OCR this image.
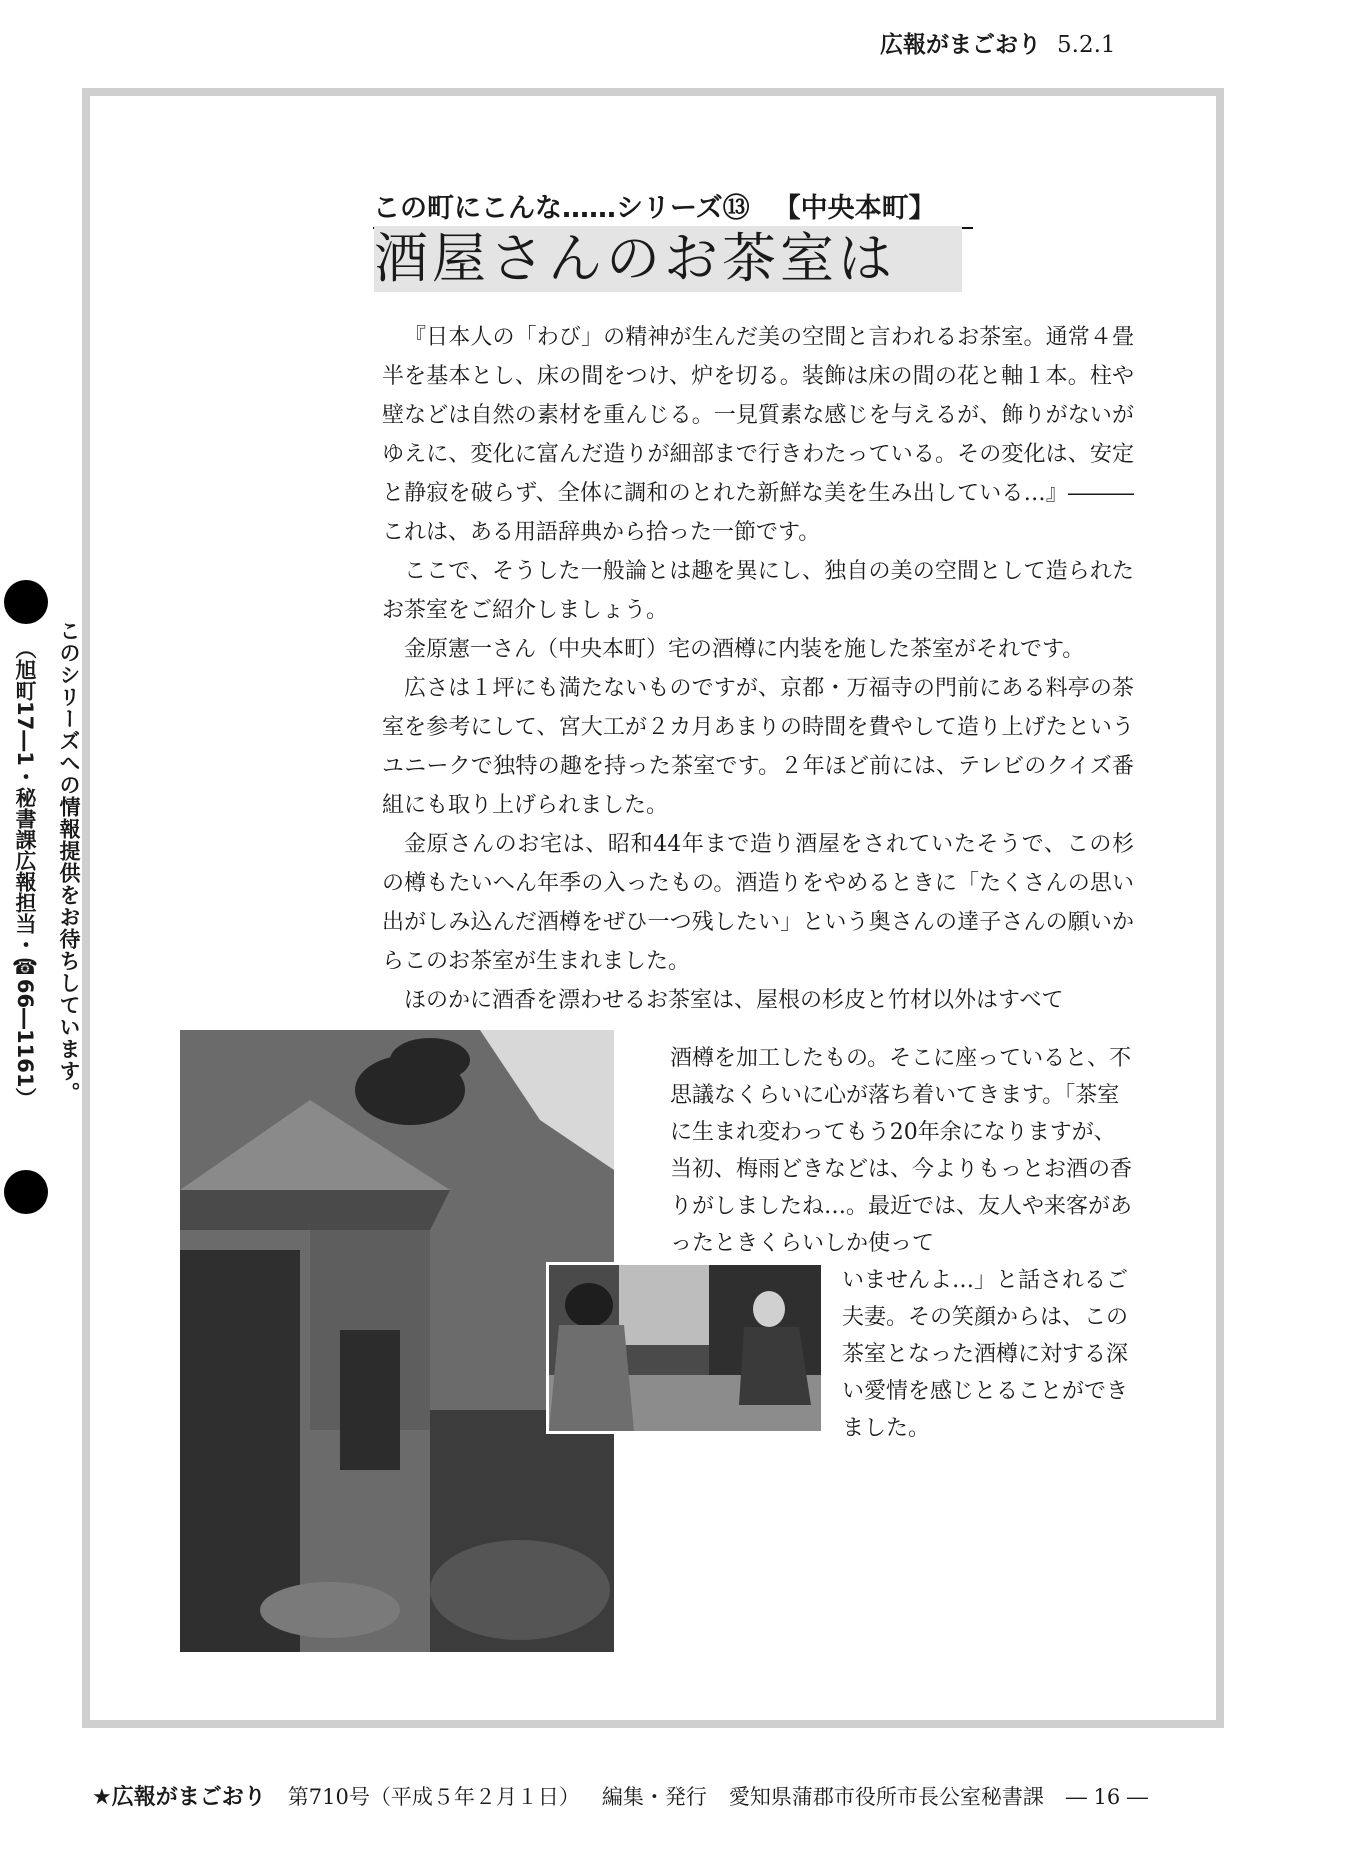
広報がまごおり 5.2.1
この町にこんな……シリーズ⑬ 【中央本町】
酒屋さんのお茶室は

『日本人の「わび」の精神が生んだ美の空間と言われるお茶室。通常４畳半を基本とし、床の間をつけ、炉を切る。装飾は床の間の花と軸１本。柱や壁などは自然の素材を重んじる。一見質素な感じを与えるが、飾りがないがゆえに、変化に富んだ造りが細部まで行きわたっている。その変化は、安定と静寂を破らず、全体に調和のとれた新鮮な美を生み出している…』―――これは、ある用語辞典から拾った一節です。

ここで、そうした一般論とは趣を異にし、独自の美の空間として造られたお茶室をご紹介しましょう。

金原憲一さん（中央本町）宅の酒樽に内装を施した茶室がそれです。

広さは１坪にも満たないものですが、京都・万福寺の門前にある料亭の茶室を参考にして、宮大工が２カ月あまりの時間を費やして造り上げたというユニークで独特の趣を持った茶室です。２年ほど前には、テレビのクイズ番組にも取り上げられました。

金原さんのお宅は、昭和44年まで造り酒屋をされていたそうで、この杉の樽もたいへん年季の入ったもの。酒造りをやめるときに「たくさんの思い出がしみ込んだ酒樽をぜひ一つ残したい」という奥さんの達子さんの願いからこのお茶室が生まれました。

ほのかに酒香を漂わせるお茶室は、屋根の杉皮と竹材以外はすべて

酒樽を加工したもの。そこに座っていると、不思議なくらいに心が落ち着いてきます。「茶室に生まれ変わってもう20年余になりますが、当初、梅雨どきなどは、今よりもっとお酒の香りがしましたね…。最近では、友人や来客があったときくらいしか使って

いませんよ…」と話されるご夫妻。その笑顔からは、この茶室となった酒樽に対する深い愛情を感じとることができました。

このシリーズへの情報提供をお待ちしています。
（旭町17―1・秘書課広報担当・☎66―1161）
★広報がまごおり 第710号（平成５年２月１日） 編集・発行 愛知県蒲郡市役所市長公室秘書課 ― 16 ―
